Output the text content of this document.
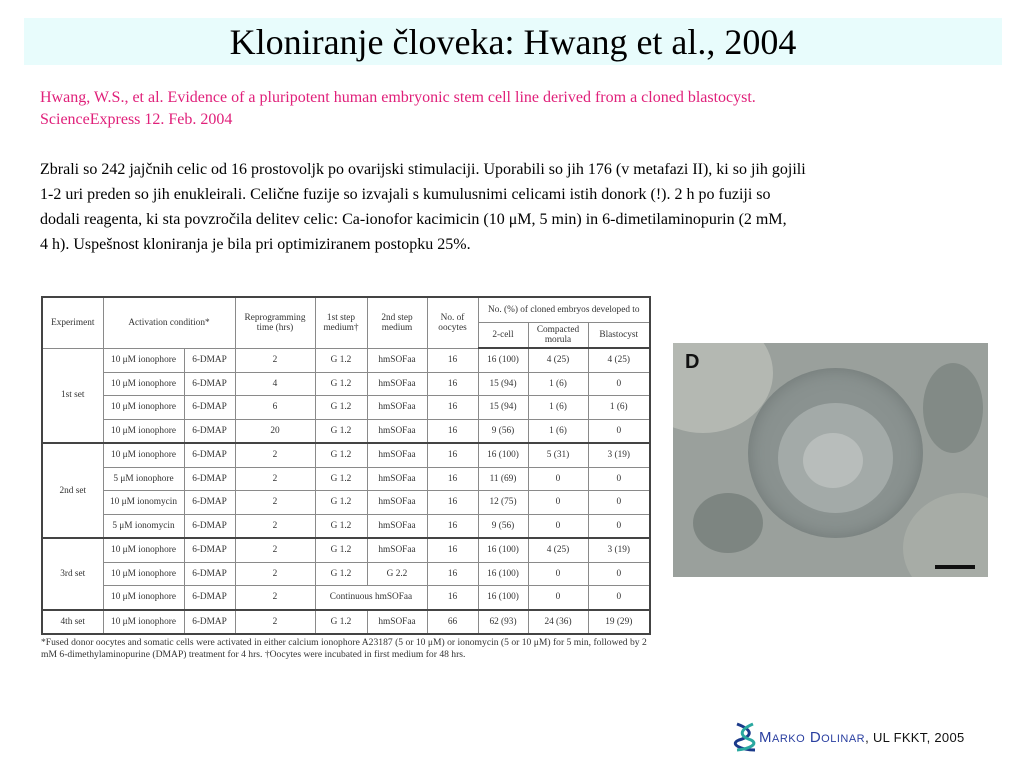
Kloniranje človeka: Hwang et al., 2004
Hwang, W.S., et al. Evidence of a pluripotent human embryonic stem cell line derived from a cloned blastocyst.
ScienceExpress 12. Feb. 2004
Zbrali so 242 jajčnih celic od 16 prostovoljk po ovarijski stimulaciji. Uporabili so jih 176 (v metafazi II), ki so jih gojili
1-2 uri preden so jih enukleirali. Celične fuzije so izvajali s kumulusnimi celicami istih donork (!). 2 h po fuziji so
dodali reagenta, ki sta povzročila delitev celic: Ca-ionofor kacimicin (10 μM, 5 min) in 6-dimetilaminopurin (2 mM,
4 h). Uspešnost kloniranja je bila pri optimiziranem postopku 25%.
Experiment	Activation condition*		Reprogramming time (hrs)	1st step medium†	2nd step medium	No. of oocytes	No. (%) of cloned embryos developed to		
							2-cell	Compacted morula	Blastocyst
1st set	10 μM ionophore	6-DMAP	2	G 1.2	hmSOFaa	16	16 (100)	4 (25)	4 (25)
	10 μM ionophore	6-DMAP	4	G 1.2	hmSOFaa	16	15 (94)	1 (6)	0
	10 μM ionophore	6-DMAP	6	G 1.2	hmSOFaa	16	15 (94)	1 (6)	1 (6)
	10 μM ionophore	6-DMAP	20	G 1.2	hmSOFaa	16	9 (56)	1 (6)	0
2nd set	10 μM ionophore	6-DMAP	2	G 1.2	hmSOFaa	16	16 (100)	5 (31)	3 (19)
	5 μM ionophore	6-DMAP	2	G 1.2	hmSOFaa	16	11 (69)	0	0
	10 μM ionomycin	6-DMAP	2	G 1.2	hmSOFaa	16	12 (75)	0	0
	5 μM ionomycin	6-DMAP	2	G 1.2	hmSOFaa	16	9 (56)	0	0
3rd set	10 μM ionophore	6-DMAP	2	G 1.2	hmSOFaa	16	16 (100)	4 (25)	3 (19)
	10 μM ionophore	6-DMAP	2	G 1.2	G 2.2	16	16 (100)	0	0
	10 μM ionophore	6-DMAP	2	Continuous hmSOFaa		16	16 (100)	0	0
4th set	10 μM ionophore	6-DMAP	2	G 1.2	hmSOFaa	66	62 (93)	24 (36)	19 (29)
*Fused donor oocytes and somatic cells were activated in either calcium ionophore A23187 (5 or 10 μM) or ionomycin (5 or 10 μM) for 5 min, followed by 2 mM 6-dimethylaminopurine (DMAP) treatment for 4 hrs. †Oocytes were incubated in first medium for 48 hrs.
D
Marko Dolinar , UL FKKT, 2005
